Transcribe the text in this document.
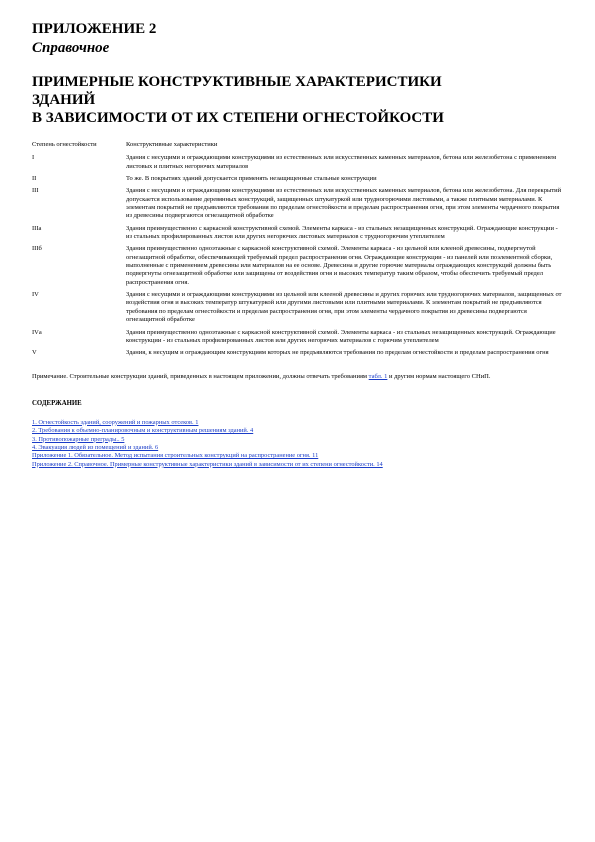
ПРИЛОЖЕНИЕ 2
Справочное
ПРИМЕРНЫЕ КОНСТРУКТИВНЫЕ ХАРАКТЕРИСТИКИ
ЗДАНИЙ
В ЗАВИСИМОСТИ ОТ ИХ СТЕПЕНИ ОГНЕСТОЙКОСТИ
Степень огнестойкости	Конструктивные характеристики
I	Здания с несущими и ограждающими конструкциями из естественных или искусственных каменных материалов, бетона или железобетона с применением листовых и плитных негорючих материалов
II	То же. В покрытиях зданий допускается применять незащищенные стальные конструкции
III	Здания с несущими и ограждающими конструкциями из естественных или искусственных каменных материалов, бетона или железобетона. Для перекрытий допускается использование деревянных конструкций, защищенных штукатуркой или трудногорючими листовыми, а также плитными материалами. К элементам покрытий не предъявляются требования по пределам огнестойкости и пределам распространения огня, при этом элементы чердачного покрытия из древесины подвергаются огнезащитной обработке
IIIа	Здания преимущественно с каркасной конструктивной схемой. Элементы каркаса - из стальных незащищенных конструкций. Ограждающие конструкции - из стальных профилированных листов или других негорючих листовых материалов с трудногорючим утеплителем
IIIб	Здания преимущественно одноэтажные с каркасной конструктивной схемой. Элементы каркаса - из цельной или клееной древесины, подвергнутой огнезащитной обработке, обеспечивающей требуемый предел распространения огня. Ограждающие конструкции - из панелей или поэлементной сборки, выполненные с применением древесины или материалов на ее основе. Древесина и другие горючие материалы ограждающих конструкций должны быть подвергнуты огнезащитной обработке или защищены от воздействия огня и высоких температур таким образом, чтобы обеспечить требуемый предел распространения огня.
IV	Здания с несущими и ограждающими конструкциями из цельной или клееной древесины и других горючих или трудногорючих материалов, защищенных от воздействия огня и высоких температур штукатуркой или другими листовыми или плитными материалами. К элементам покрытий не предъявляются требования по пределам огнестойкости и пределам распространения огня, при этом элементы чердачного покрытия из древесины подвергаются огнезащитной обработке
IVа	Здания преимущественно одноэтажные с каркасной конструктивной схемой. Элементы каркаса - из стальных незащищенных конструкций. Ограждающие конструкции - из стальных профилированных листов или других негорючих материалов с горючим утеплителем
V	Здания, к несущим и ограждающим конструкциям которых не предъявляются требования по пределам огнестойкости и пределам распространения огня
Примечание. Строительные конструкции зданий, приведенных в настоящем приложении, должны отвечать требованиям табл. 1 и другим нормам настоящего СНиП.
СОДЕРЖАНИЕ
1. Огнестойкость зданий, сооружений и пожарных отсеков. 1
2. Требования к объемно-планировочным и конструктивным решениям зданий. 4
3. Противопожарные преграды.. 5
4. Эвакуация людей из помещений и зданий. 6
Приложение 1. Обязательное. Метод испытания строительных конструкций на распространение огня. 11
Приложение 2. Справочное. Примерные конструктивные характеристики зданий в зависимости от их степени огнестойкости. 14
